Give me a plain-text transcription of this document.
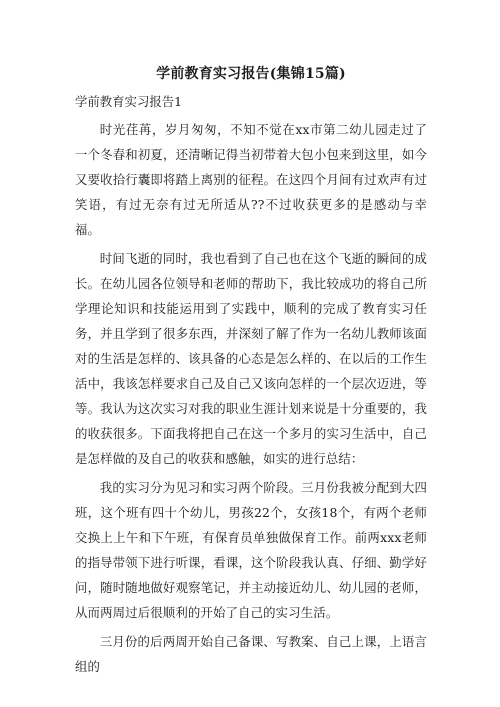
学前教育实习报告(集锦15篇)
学前教育实习报告1

时光荏苒，岁月匆匆，不知不觉在xx市第二幼儿园走过了一个冬春和初夏，还清晰记得当初带着大包小包来到这里，如今又要收拾行囊即将踏上离别的征程。在这四个月间有过欢声有过笑语，有过无奈有过无所适从??不过收获更多的是感动与幸福。

时间飞逝的同时，我也看到了自己也在这个飞逝的瞬间的成长。在幼儿园各位领导和老师的帮助下，我比较成功的将自己所学理论知识和技能运用到了实践中，顺利的完成了教育实习任务，并且学到了很多东西，并深刻了解了作为一名幼儿教师该面对的生活是怎样的、该具备的心态是怎么样的、在以后的工作生活中，我该怎样要求自己及自己又该向怎样的一个层次迈进，等等。我认为这次实习对我的职业生涯计划来说是十分重要的，我的收获很多。下面我将把自己在这一个多月的实习生活中，自己是怎样做的及自己的收获和感触，如实的进行总结：

我的实习分为见习和实习两个阶段。三月份我被分配到大四班，这个班有四十个幼儿，男孩22个，女孩18个，有两个老师交换上上午和下午班，有保育员单独做保育工作。前两xxx老师的指导带领下进行听课，看课，这个阶段我认真、仔细、勤学好问，随时随地做好观察笔记，并主动接近幼儿、幼儿园的老师，从而两周过后很顺利的开始了自己的实习生活。

三月份的后两周开始自己备课、写教案、自己上课，上语言组的
